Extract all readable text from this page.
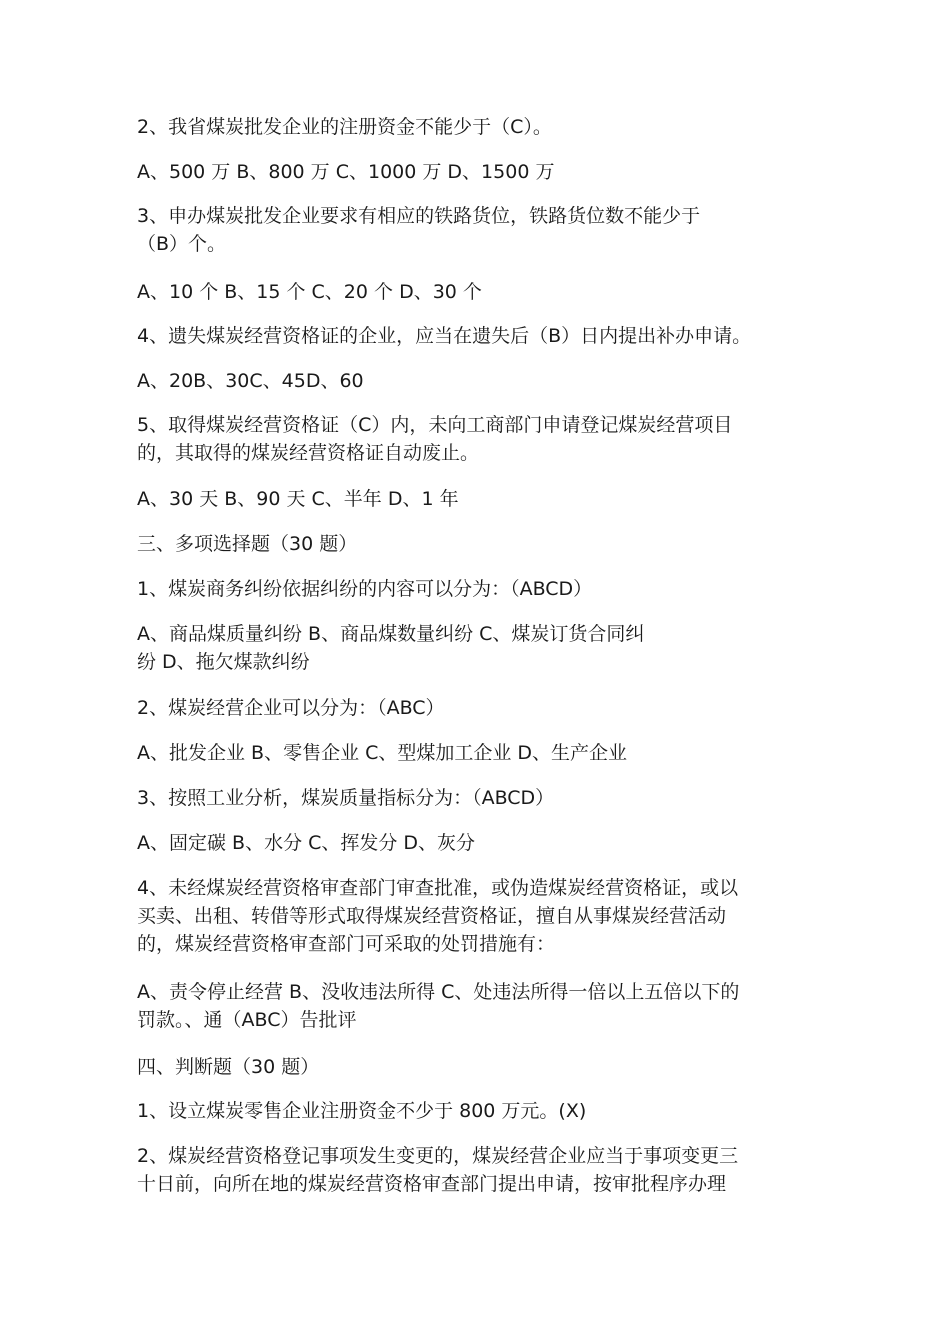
2、我省煤炭批发企业的注册资金不能少于（C）。

A、500 万 B、800 万 C、1000 万 D、1500 万

3、申办煤炭批发企业要求有相应的铁路货位，铁路货位数不能少于
（B）个。

A、10 个 B、15 个 C、20 个 D、30 个

4、遗失煤炭经营资格证的企业，应当在遗失后（B）日内提出补办申请。

A、20B、30C、45D、60

5、取得煤炭经营资格证（C）内，未向工商部门申请登记煤炭经营项目
的，其取得的煤炭经营资格证自动废止。

A、30 天 B、90 天 C、半年 D、1 年

三、多项选择题（30 题）

1、煤炭商务纠纷依据纠纷的内容可以分为：（ABCD）

A、商品煤质量纠纷 B、商品煤数量纠纷 C、煤炭订货合同纠
纷 D、拖欠煤款纠纷

2、煤炭经营企业可以分为：（ABC）

A、批发企业 B、零售企业 C、型煤加工企业 D、生产企业

3、按照工业分析，煤炭质量指标分为：（ABCD）

A、固定碳 B、水分 C、挥发分 D、灰分

4、未经煤炭经营资格审查部门审查批准，或伪造煤炭经营资格证，或以
买卖、出租、转借等形式取得煤炭经营资格证，擅自从事煤炭经营活动
的，煤炭经营资格审查部门可采取的处罚措施有：

A、责令停止经营 B、没收违法所得 C、处违法所得一倍以上五倍以下的
罚款。、通（ABC）告批评

四、判断题（30 题）

1、设立煤炭零售企业注册资金不少于 800 万元。(X)

2、煤炭经营资格登记事项发生变更的，煤炭经营企业应当于事项变更三
十日前，向所在地的煤炭经营资格审查部门提出申请，按审批程序办理
